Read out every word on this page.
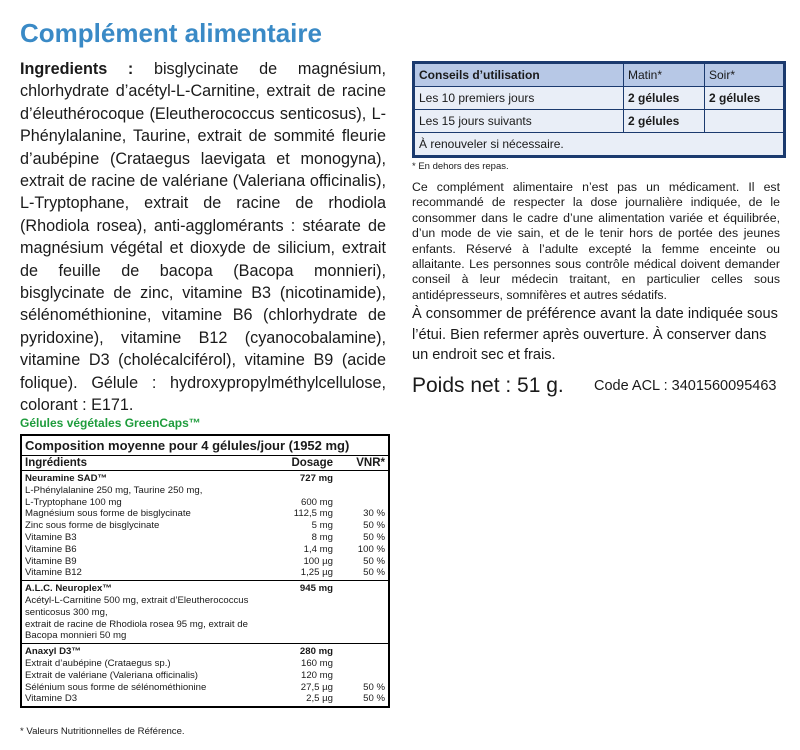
Complément alimentaire
Ingredients : bisglycinate de magnésium, chlorhydrate d’acétyl-L-Carnitine, extrait de racine d’éleuthérocoque (Eleutherococcus senticosus), L-Phénylalanine, Taurine, extrait de sommité fleurie d’aubépine (Crataegus laevigata et monogyna), extrait de racine de valériane (Valeriana officinalis), L-Tryptophane, extrait de racine de rhodiola (Rhodiola rosea), anti-agglomérants : stéarate de magnésium végétal et dioxyde de silicium, extrait de feuille de bacopa (Bacopa monnieri), bisglycinate de zinc, vitamine B3 (nicotinamide), sélénométhionine, vitamine B6 (chlorhydrate de pyridoxine), vitamine B12 (cyanocobalamine), vitamine D3 (cholécalciférol), vitamine B9 (acide folique). Gélule : hydroxypropylméthylcellulose, colorant : E171.
Gélules végétales GreenCaps™
Composition moyenne pour 4 gélules/jour (1952 mg)
Ingrédients	Dosage	VNR*
Neuramine SAD™	727 mg
L-Phénylalanine 250 mg, Taurine 250 mg,
L-Tryptophane 100 mg	600 mg
Magnésium sous forme de bisglycinate	112,5 mg	30 %
Zinc sous forme de bisglycinate	5 mg	50 %
Vitamine B3	8 mg	50 %
Vitamine B6	1,4 mg	100 %
Vitamine B9	100 µg	50 %
Vitamine B12	1,25 µg	50 %
A.L.C. Neuroplex™	945 mg
Acétyl-L-Carnitine 500 mg, extrait d’Eleutherococcus senticosus 300 mg,
extrait de racine de Rhodiola rosea 95 mg, extrait de Bacopa monnieri 50 mg
Anaxyl D3™	280 mg
Extrait d’aubépine (Crataegus sp.)	160 mg
Extrait de valériane (Valeriana officinalis)	120 mg
Sélénium sous forme de sélénométhionine	27,5 µg	50 %
Vitamine D3	2,5 µg	50 %
* Valeurs Nutritionnelles de Référence.
Conseils d’utilisation	Matin*	Soir*
Les 10 premiers jours	2 gélules	2 gélules
Les 15 jours suivants	2 gélules	
À renouveler si nécessaire.		
* En dehors des repas.
Ce complément alimentaire n’est pas un médicament. Il est recommandé de respecter la dose journalière indiquée, de le consommer dans le cadre d’une alimentation variée et équilibrée, d’un mode de vie sain, et de le tenir hors de portée des jeunes enfants. Réservé à l’adulte excepté la femme enceinte ou allaitante. Les personnes sous contrôle médical doivent demander conseil à leur médecin traitant, en particulier celles sous antidépresseurs, somnifères et autres sédatifs.
À consommer de préférence avant la date indiquée sous l’étui. Bien refermer après ouverture. À conserver dans un endroit sec et frais.
Poids net : 51 g. Code ACL : 3401560095463
